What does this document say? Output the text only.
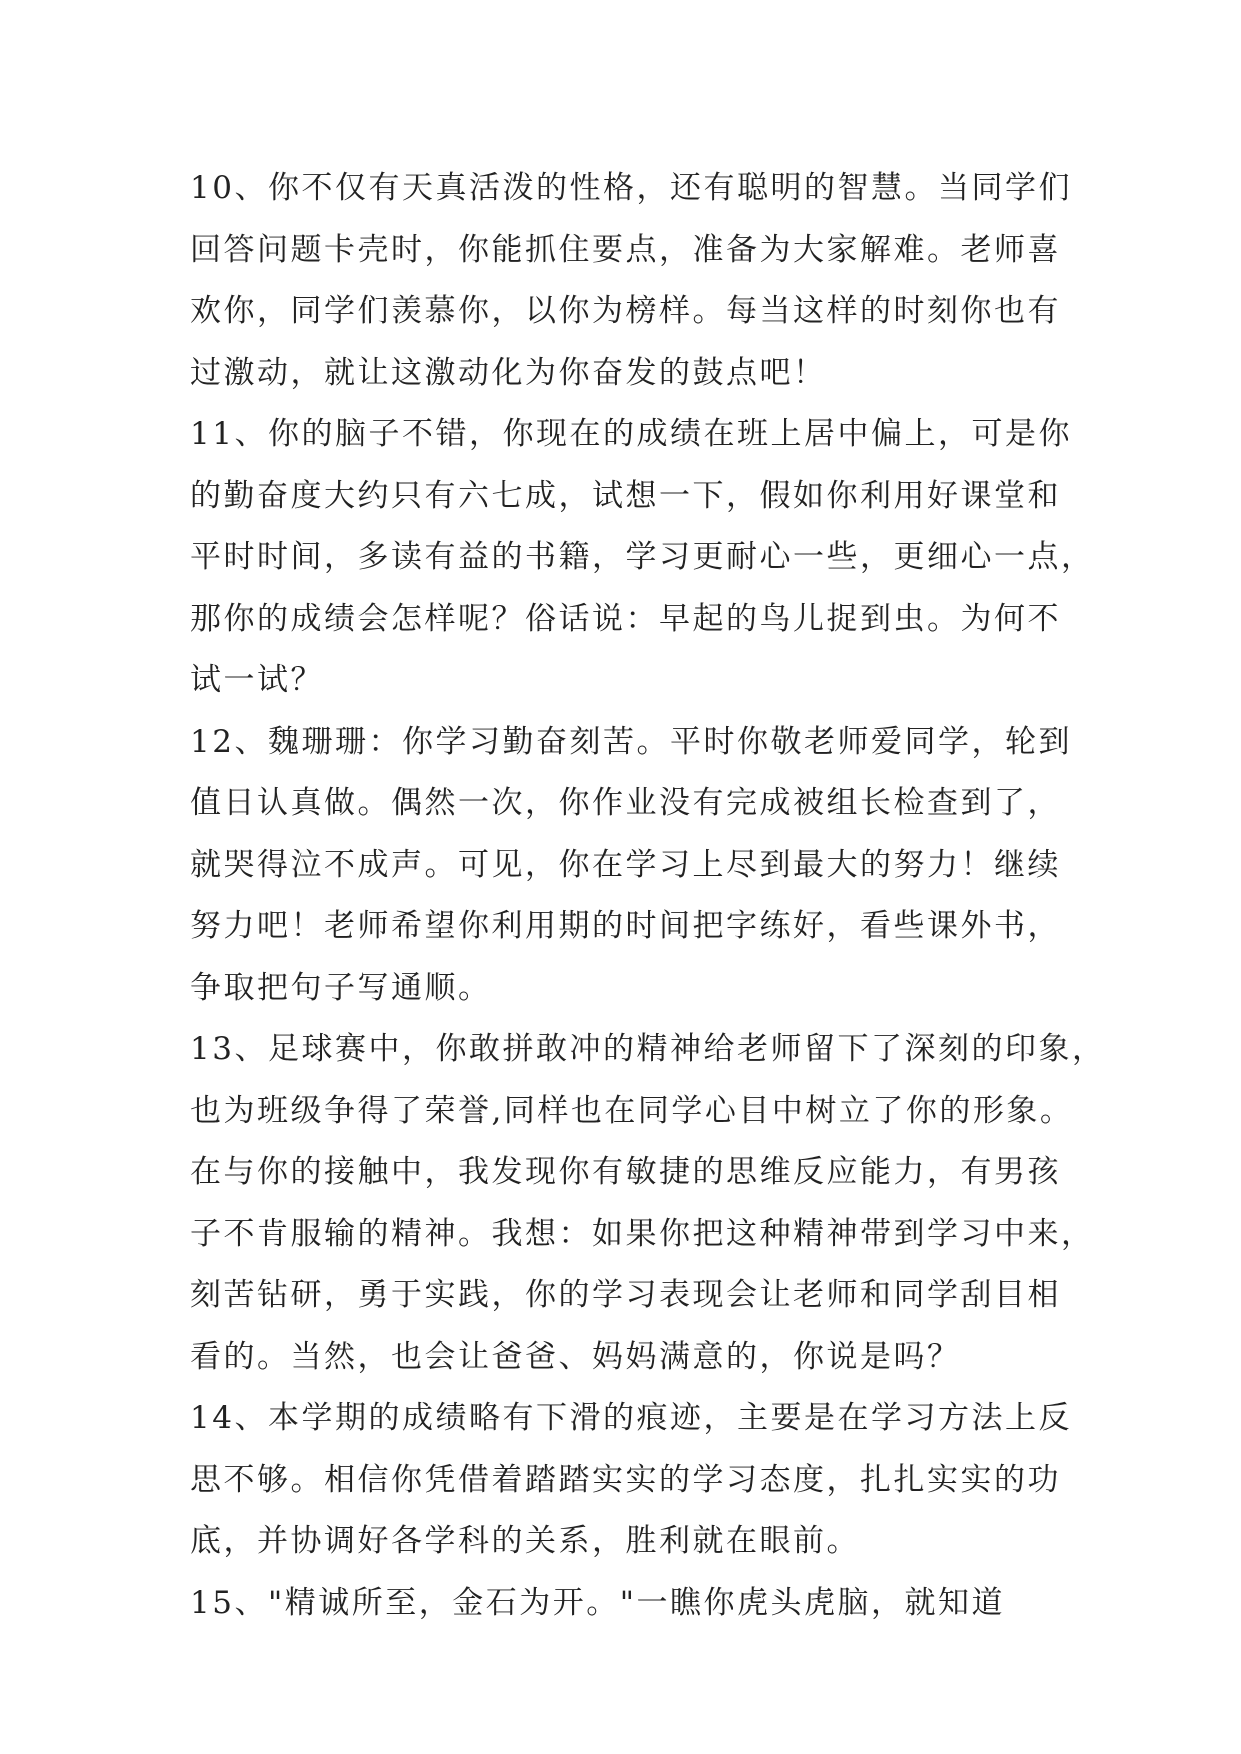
10、你不仅有天真活泼的性格，还有聪明的智慧。当同学们
回答问题卡壳时，你能抓住要点，准备为大家解难。老师喜
欢你，同学们羡慕你，以你为榜样。每当这样的时刻你也有
过激动，就让这激动化为你奋发的鼓点吧！
11、你的脑子不错，你现在的成绩在班上居中偏上，可是你
的勤奋度大约只有六七成，试想一下，假如你利用好课堂和
平时时间，多读有益的书籍，学习更耐心一些，更细心一点，
那你的成绩会怎样呢？俗话说：早起的鸟儿捉到虫。为何不
试一试？
12、魏珊珊：你学习勤奋刻苦。平时你敬老师爱同学，轮到
值日认真做。偶然一次，你作业没有完成被组长检查到了，
就哭得泣不成声。可见，你在学习上尽到最大的努力！继续
努力吧！老师希望你利用期的时间把字练好，看些课外书，
争取把句子写通顺。
13、足球赛中，你敢拼敢冲的精神给老师留下了深刻的印象，
也为班级争得了荣誉,同样也在同学心目中树立了你的形象。
在与你的接触中，我发现你有敏捷的思维反应能力，有男孩
子不肯服输的精神。我想：如果你把这种精神带到学习中来，
刻苦钻研，勇于实践，你的学习表现会让老师和同学刮目相
看的。当然，也会让爸爸、妈妈满意的，你说是吗？
14、本学期的成绩略有下滑的痕迹，主要是在学习方法上反
思不够。相信你凭借着踏踏实实的学习态度，扎扎实实的功
底，并协调好各学科的关系，胜利就在眼前。
15、"精诚所至，金石为开。"一瞧你虎头虎脑，就知道
